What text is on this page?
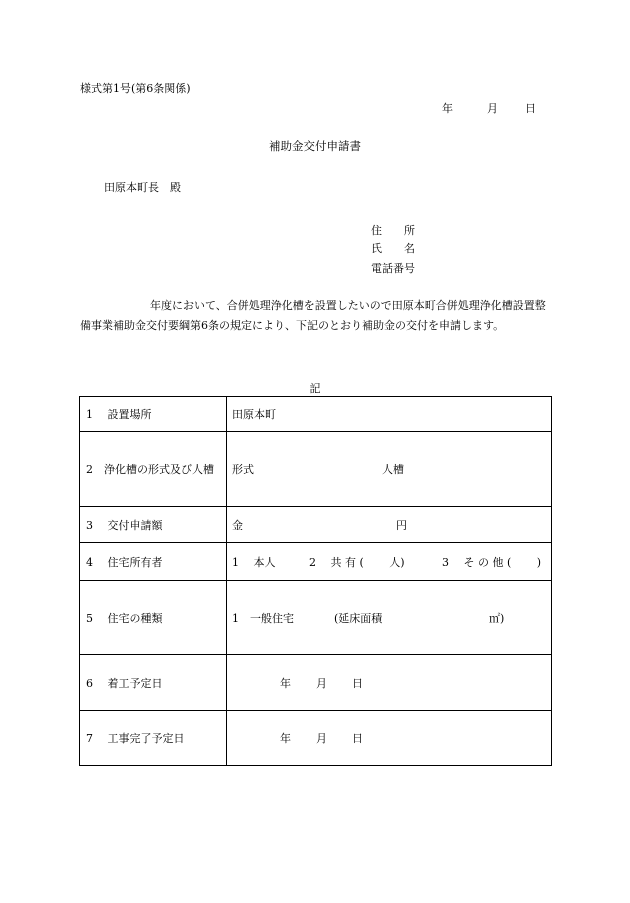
様式第1号(第6条関係)
年	月 日
補助金交付申請書
田原本町長　殿
住　　所
氏　　名
電話番号
年度において、合併処理浄化槽を設置したいので田原本町合併処理浄化槽設置整備事業補助金交付要綱第6条の規定により、下記のとおり補助金の交付を申請します。
記
1　 設置場所	田原本町
2　浄化槽の形式及び人槽	形式 人槽
3　 交付申請額	金 円
4　 住宅所有者	1　 本人 2　 共 有 (　　 人) 3　 そ の 他 (　　 )
5　 住宅の種類	1　一般住宅 (延床面積 ㎡)
6　 着工予定日	年 月 日
7　 工事完了予定日	年 月 日
